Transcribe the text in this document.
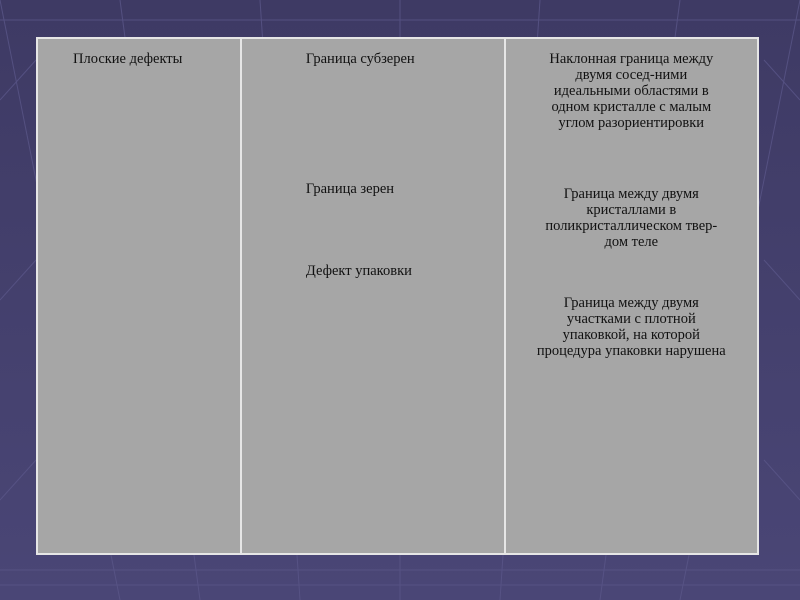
Плоские дефекты	Граница субзерен
Граница зерен
Дефект упаковки
Наклонная граница между
двумя сосед-ними
идеальными областями в
одном кристалле с малым
углом разориентировки
Граница между двумя
кристаллами в
поликристаллическом твер-
дом теле
Граница между двумя
участками с плотной
упаковкой, на которой
процедура упаковки нарушена
